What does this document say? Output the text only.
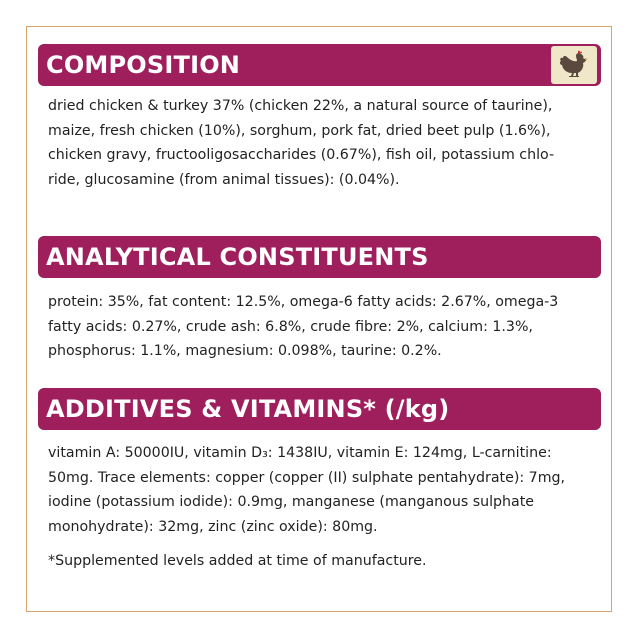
COMPOSITION

dried chicken & turkey 37% (chicken 22%, a natural source of taurine),
maize, fresh chicken (10%), sorghum, pork fat, dried beet pulp (1.6%),
chicken gravy, fructooligosaccharides (0.67%), fish oil, potassium chlo-
ride, glucosamine (from animal tissues): (0.04%).

ANALYTICAL CONSTITUENTS

protein: 35%, fat content: 12.5%, omega-6 fatty acids: 2.67%, omega-3
fatty acids: 0.27%, crude ash: 6.8%, crude fibre: 2%, calcium: 1.3%,
phosphorus: 1.1%, magnesium: 0.098%, taurine: 0.2%.

ADDITIVES & VITAMINS* (/kg)

vitamin A: 50000IU, vitamin D₃: 1438IU, vitamin E: 124mg, L-carnitine:
50mg. Trace elements: copper (copper (II) sulphate pentahydrate): 7mg,
iodine (potassium iodide): 0.9mg, manganese (manganous sulphate
monohydrate): 32mg, zinc (zinc oxide): 80mg.

*Supplemented levels added at time of manufacture.
